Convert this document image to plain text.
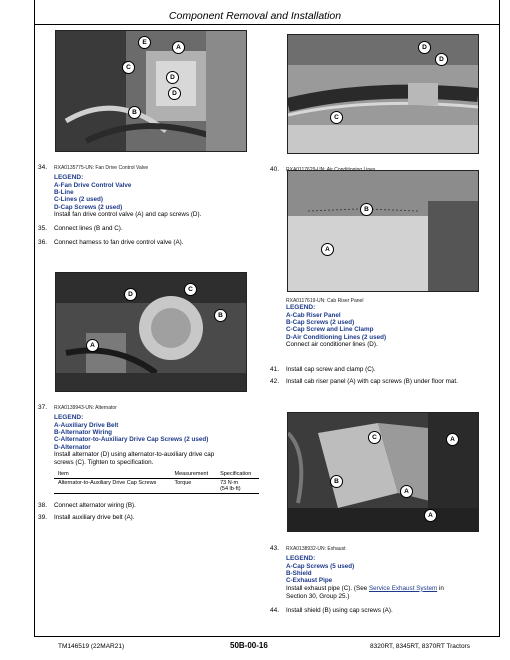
Component Removal and Installation
E
A
C
D
D
B
34. RXA0135775-UN: Fan Drive Control Valve
LEGEND:
A-Fan Drive Control Valve
B-Line
C-Lines (2 used)
D-Cap Screws (2 used)
Install fan drive control valve (A) and cap screws (D).
35. Connect lines (B and C).
36. Connect harness to fan drive control valve (A).
D
C
B
A
37. RXA0139943-UN: Alternator
LEGEND:
A-Auxiliary Drive Belt
B-Alternator Wiring
C-Alternator-to-Auxiliary Drive Cap Screws (2 used)
D-Alternator
Install alternator (D) using alternator-to-auxiliary drive cap
screws (C). Tighten to specification.
Item	Measurement	Specification
Alternator-to-Auxiliary Drive Cap Screws	Torque	73 N·m
(54 lb·ft)
38. Connect alternator wiring (B).
39. Install auxiliary drive belt (A).
D
D
C
40.
B
A
RXA0117619-UN: Cab Riser Panel
LEGEND:
A-Cab Riser Panel
B-Cap Screws (2 used)
C-Cap Screw and Line Clamp
D-Air Conditioning Lines (2 used)
Connect air conditioner lines (D).
41. Install cap screw and clamp (C).
42. Install cab riser panel (A) with cap screws (B) under floor mat.
C	A
B
A
A
43. RXA0138932-UN: Exhaust
LEGEND:
A-Cap Screws (5 used)
B-Shield
C-Exhaust Pipe
Install exhaust pipe (C). (See Service Exhaust System in
Section 30, Group 25.)
44. Install shield (B) using cap screws (A).
TM146519 (22MAR21)	50B-00-16	8320RT, 8345RT, 8370RT Tractors
